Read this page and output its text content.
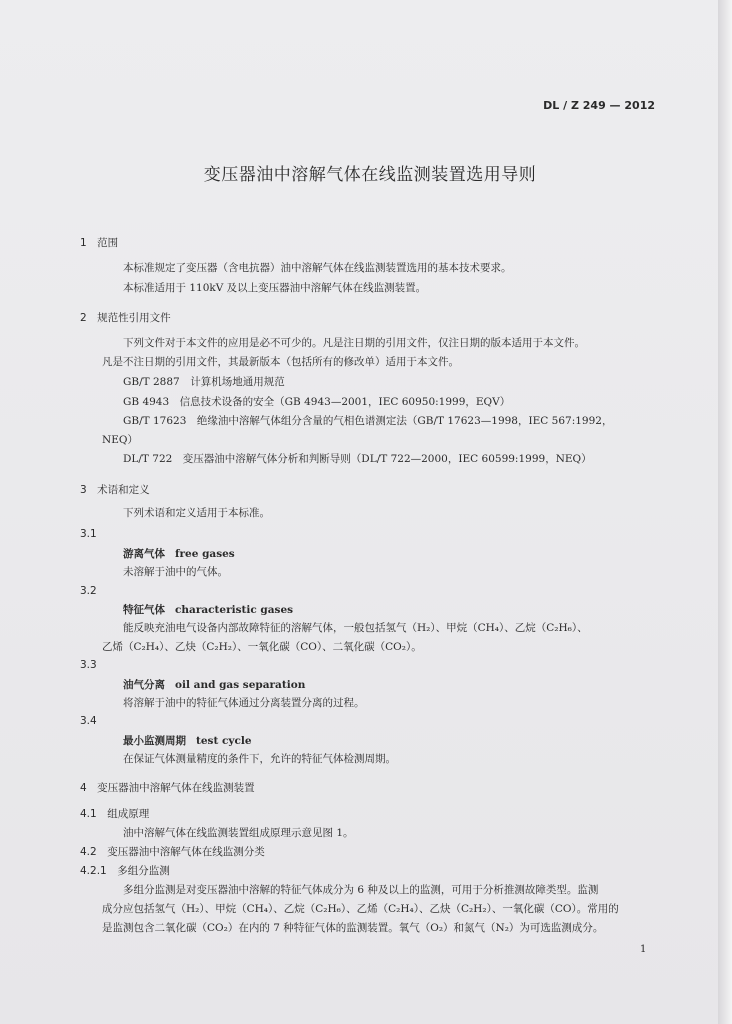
DL / Z 249 — 2012
变压器油中溶解气体在线监测装置选用导则
1　范围
本标准规定了变压器（含电抗器）油中溶解气体在线监测装置选用的基本技术要求。
本标准适用于 110kV 及以上变压器油中溶解气体在线监测装置。
2　规范性引用文件
下列文件对于本文件的应用是必不可少的。凡是注日期的引用文件，仅注日期的版本适用于本文件。
凡是不注日期的引用文件，其最新版本（包括所有的修改单）适用于本文件。
GB/T 2887　计算机场地通用规范
GB 4943　信息技术设备的安全（GB 4943—2001，IEC 60950:1999，EQV）
GB/T 17623　绝缘油中溶解气体组分含量的气相色谱测定法（GB/T 17623—1998，IEC 567:1992，
NEQ）
DL/T 722　变压器油中溶解气体分析和判断导则（DL/T 722—2000，IEC 60599:1999，NEQ）
3　术语和定义
下列术语和定义适用于本标准。
3.1
游离气体 free gases
未溶解于油中的气体。
3.2
特征气体 characteristic gases
能反映充油电气设备内部故障特征的溶解气体，一般包括氢气（H₂）、甲烷（CH₄）、乙烷（C₂H₆）、
乙烯（C₂H₄）、乙炔（C₂H₂）、一氧化碳（CO）、二氧化碳（CO₂）。
3.3
油气分离 oil and gas separation
将溶解于油中的特征气体通过分离装置分离的过程。
3.4
最小监测周期 test cycle
在保证气体测量精度的条件下，允许的特征气体检测周期。
4　变压器油中溶解气体在线监测装置
4.1　组成原理
油中溶解气体在线监测装置组成原理示意见图 1。
4.2　变压器油中溶解气体在线监测分类
4.2.1　多组分监测
多组分监测是对变压器油中溶解的特征气体成分为 6 种及以上的监测，可用于分析推测故障类型。监测
成分应包括氢气（H₂）、甲烷（CH₄）、乙烷（C₂H₆）、乙烯（C₂H₄）、乙炔（C₂H₂）、一氧化碳（CO）。常用的
是监测包含二氧化碳（CO₂）在内的 7 种特征气体的监测装置。氧气（O₂）和氮气（N₂）为可选监测成分。
1
